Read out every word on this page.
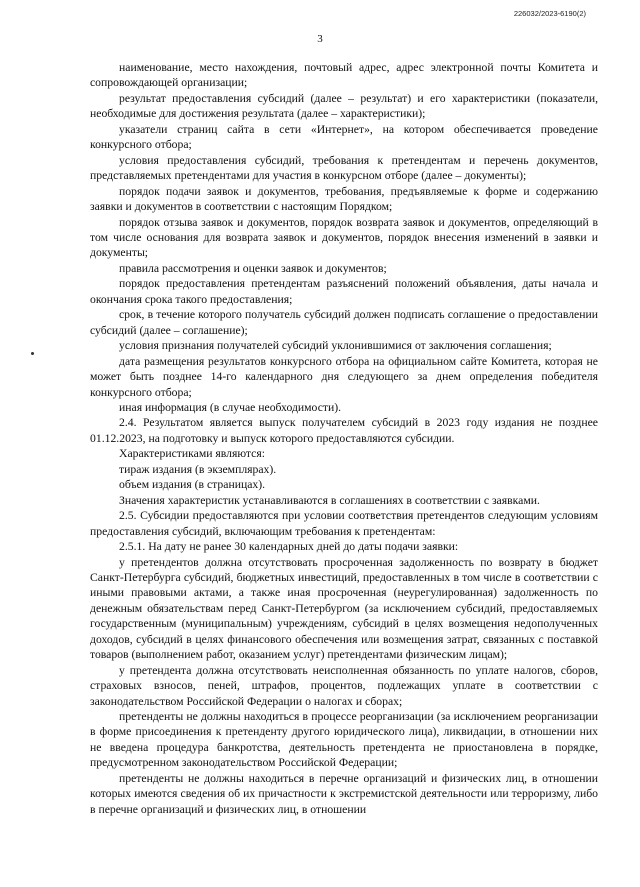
226032/2023-6190(2)
3

наименование, место нахождения, почтовый адрес, адрес электронной почты Комитета и сопровождающей организации;

результат предоставления субсидий (далее – результат) и его характеристики (показатели, необходимые для достижения результата (далее – характеристики);

указатели страниц сайта в сети «Интернет», на котором обеспечивается проведение конкурсного отбора;

условия предоставления субсидий, требования к претендентам и перечень документов, представляемых претендентами для участия в конкурсном отборе (далее – документы);

порядок подачи заявок и документов, требования, предъявляемые к форме и содержанию заявки и документов в соответствии с настоящим Порядком;

порядок отзыва заявок и документов, порядок возврата заявок и документов, определяющий в том числе основания для возврата заявок и документов, порядок внесения изменений в заявки и документы;

правила рассмотрения и оценки заявок и документов;

порядок предоставления претендентам разъяснений положений объявления, даты начала и окончания срока такого предоставления;

срок, в течение которого получатель субсидий должен подписать соглашение о предоставлении субсидий (далее – соглашение);

условия признания получателей субсидий уклонившимися от заключения соглашения;

дата размещения результатов конкурсного отбора на официальном сайте Комитета, которая не может быть позднее 14-го календарного дня следующего за днем определения победителя конкурсного отбора;

иная информация (в случае необходимости).

2.4. Результатом является выпуск получателем субсидий в 2023 году издания не позднее 01.12.2023, на подготовку и выпуск которого предоставляются субсидии.

Характеристиками являются:

тираж издания (в экземплярах).

объем издания (в страницах).

Значения характеристик устанавливаются в соглашениях в соответствии с заявками.

2.5. Субсидии предоставляются при условии соответствия претендентов следующим условиям предоставления субсидий, включающим требования к претендентам:

2.5.1. На дату не ранее 30 календарных дней до даты подачи заявки:

у претендентов должна отсутствовать просроченная задолженность по возврату в бюджет Санкт-Петербурга субсидий, бюджетных инвестиций, предоставленных в том числе в соответствии с иными правовыми актами, а также иная просроченная (неурегулированная) задолженность по денежным обязательствам перед Санкт-Петербургом (за исключением субсидий, предоставляемых государственным (муниципальным) учреждениям, субсидий в целях возмещения недополученных доходов, субсидий в целях финансового обеспечения или возмещения затрат, связанных с поставкой товаров (выполнением работ, оказанием услуг) претендентами физическим лицам);

у претендента должна отсутствовать неисполненная обязанность по уплате налогов, сборов, страховых взносов, пеней, штрафов, процентов, подлежащих уплате в соответствии с законодательством Российской Федерации о налогах и сборах;

претенденты не должны находиться в процессе реорганизации (за исключением реорганизации в форме присоединения к претенденту другого юридического лица), ликвидации, в отношении них не введена процедура банкротства, деятельность претендента не приостановлена в порядке, предусмотренном законодательством Российской Федерации;

претенденты не должны находиться в перечне организаций и физических лиц, в отношении которых имеются сведения об их причастности к экстремистской деятельности или терроризму, либо в перечне организаций и физических лиц, в отношении
